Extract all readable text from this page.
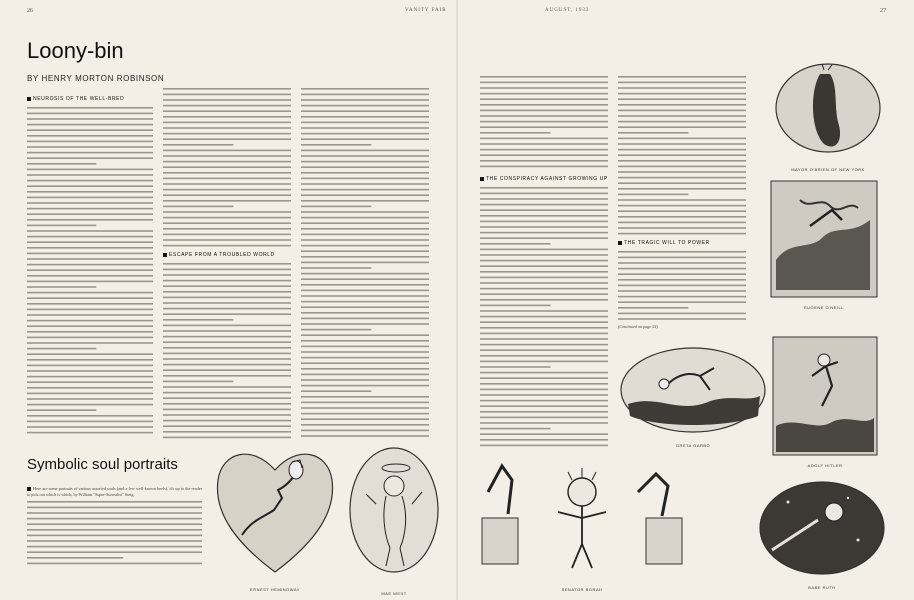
26	VANITY FAIR	AUGUST, 1933	27
Loony-bin
BY HENRY MORTON ROBINSON
NEUROSIS OF THE WELL-BRED
ESCAPE FROM A TROUBLED WORLD
THE CONSPIRACY AGAINST GROWING UP
THE TRAGIC WILL TO POWER
(Continued on page 54)
Symbolic soul portraits
Here are some portraits of various assorted souls (and a few well-known heels), it's up to the reader to pick out which is which; by William "Super-Surrealist" Steig.
ERNEST HEMINGWAY
MAE WEST
MAYOR O'BRIEN OF NEW YORK
EUGENE O'NEILL
GRETA GARBO
ADOLF HITLER
SENATOR BORAH	BABE RUTH
